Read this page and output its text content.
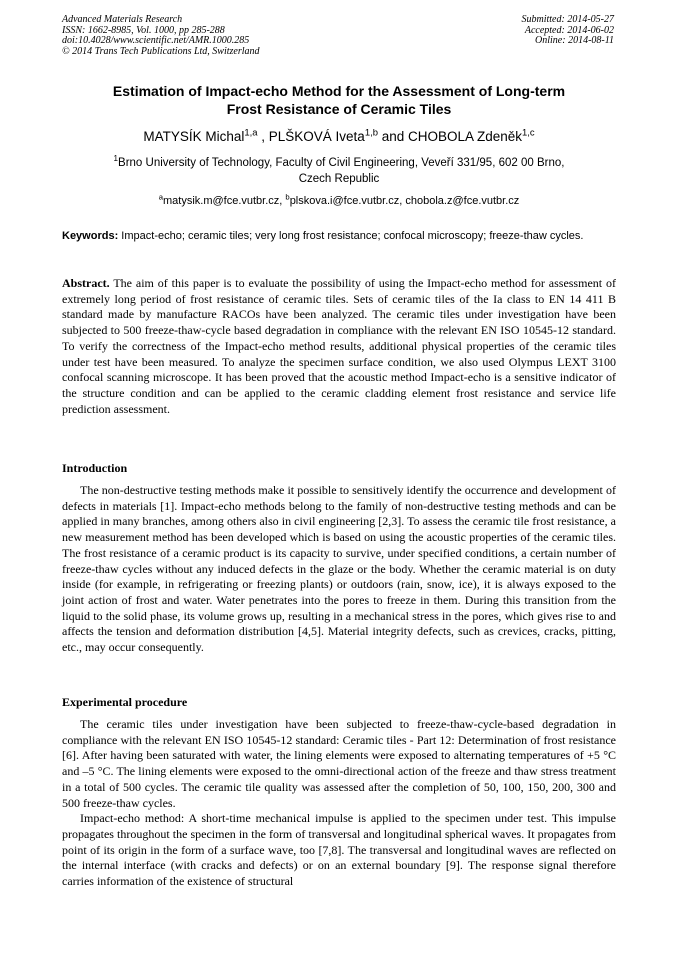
Advanced Materials Research
ISSN: 1662-8985, Vol. 1000, pp 285-288
doi:10.4028/www.scientific.net/AMR.1000.285
© 2014 Trans Tech Publications Ltd, Switzerland
Submitted: 2014-05-27
Accepted: 2014-06-02
Online: 2014-08-11
Estimation of Impact-echo Method for the Assessment of Long-term
Frost Resistance of Ceramic Tiles
MATYSÍK Michal$^{1,a}$ , PLŠKOVÁ Iveta$^{1,b}$ and CHOBOLA Zdeněk$^{1,c}$
$^1$Brno University of Technology, Faculty of Civil Engineering, Veveří 331/95, 602 00 Brno,
Czech Republic
$^a$matysik.m@fce.vutbr.cz, $^b$plskova.i@fce.vutbr.cz, chobola.z@fce.vutbr.cz
Keywords: Impact-echo; ceramic tiles; very long frost resistance; confocal microscopy; freeze-thaw cycles.
Abstract. The aim of this paper is to evaluate the possibility of using the Impact-echo method for assessment of extremely long period of frost resistance of ceramic tiles. Sets of ceramic tiles of the Ia class to EN 14 411 B standard made by manufacture RACOs have been analyzed. The ceramic tiles under investigation have been subjected to 500 freeze-thaw-cycle based degradation in compliance with the relevant EN ISO 10545-12 standard. To verify the correctness of the Impact-echo method results, additional physical properties of the ceramic tiles under test have been measured. To analyze the specimen surface condition, we also used Olympus LEXT 3100 confocal scanning microscope. It has been proved that the acoustic method Impact-echo is a sensitive indicator of the structure condition and can be applied to the ceramic cladding element frost resistance and service life prediction assessment.
Introduction

The non-destructive testing methods make it possible to sensitively identify the occurrence and development of defects in materials [1]. Impact-echo methods belong to the family of non-destructive testing methods and can be applied in many branches, among others also in civil engineering [2,3]. To assess the ceramic tile frost resistance, a new measurement method has been developed which is based on using the acoustic properties of the ceramic tiles. The frost resistance of a ceramic product is its capacity to survive, under specified conditions, a certain number of freeze-thaw cycles without any induced defects in the glaze or the body. Whether the ceramic material is on duty inside (for example, in refrigerating or freezing plants) or outdoors (rain, snow, ice), it is always exposed to the joint action of frost and water. Water penetrates into the pores to freeze in them. During this transition from the liquid to the solid phase, its volume grows up, resulting in a mechanical stress in the pores, which gives rise to and affects the tension and deformation distribution [4,5]. Material integrity defects, such as crevices, cracks, pitting, etc., may occur consequently.

Experimental procedure

The ceramic tiles under investigation have been subjected to freeze-thaw-cycle-based degradation in compliance with the relevant EN ISO 10545-12 standard: Ceramic tiles - Part 12: Determination of frost resistance [6]. After having been saturated with water, the lining elements were exposed to alternating temperatures of +5 °C and –5 °C. The lining elements were exposed to the omni-directional action of the freeze and thaw stress treatment in a total of 500 cycles. The ceramic tile quality was assessed after the completion of 50, 100, 150, 200, 300 and 500 freeze-thaw cycles.

Impact-echo method: A short-time mechanical impulse is applied to the specimen under test. This impulse propagates throughout the specimen in the form of transversal and longitudinal spherical waves. It propagates from point of its origin in the form of a surface wave, too [7,8]. The transversal and longitudinal waves are reflected on the internal interface (with cracks and defects) or on an external boundary [9]. The response signal therefore carries information of the existence of structural
